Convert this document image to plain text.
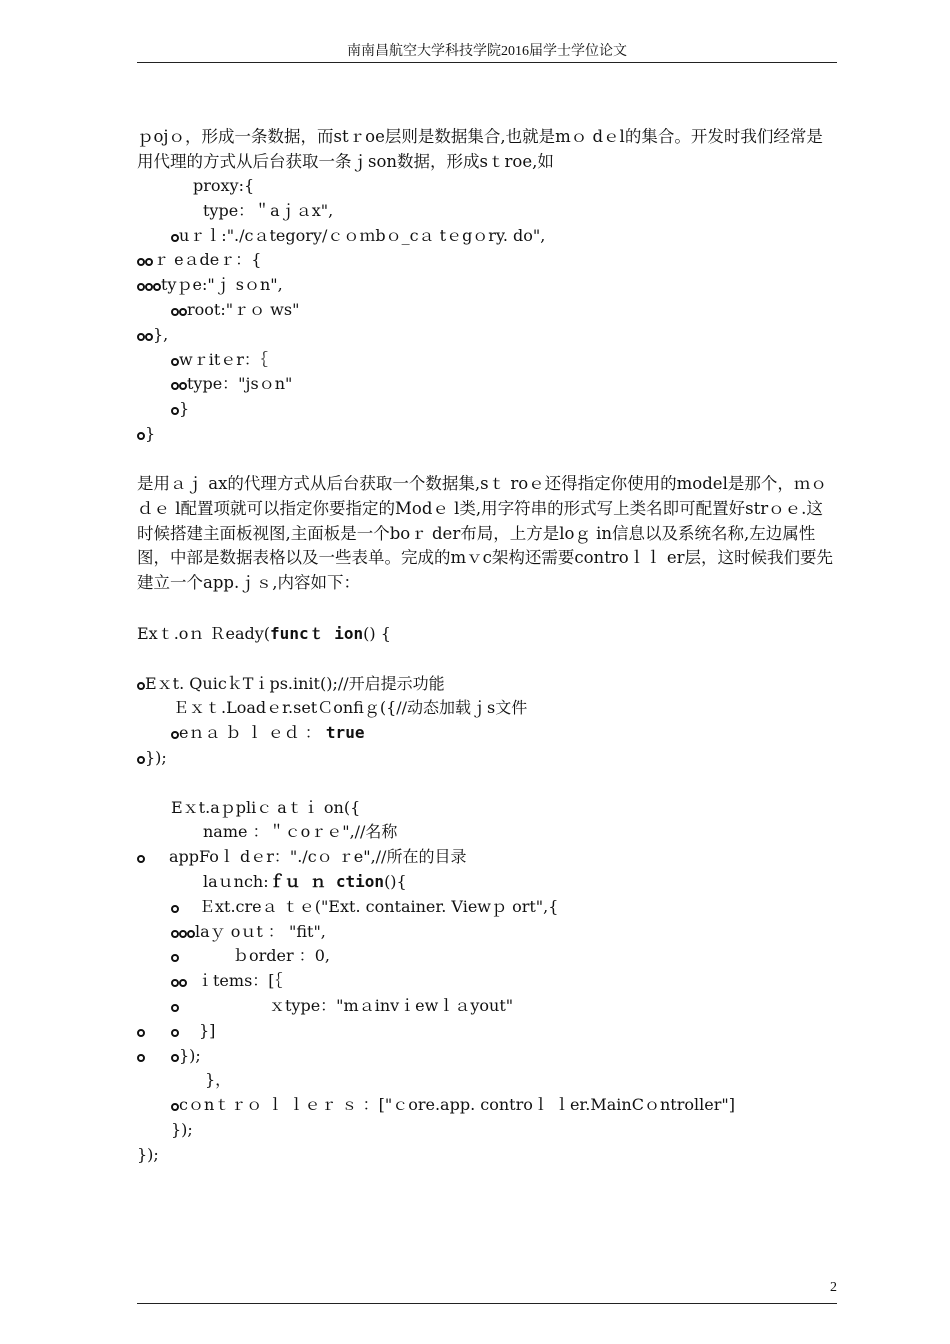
南南昌航空大学科技学院2016届学士学位论文
ｐojｏ，形成一条数据，而stｒoe层则是数据集合,也就是mｏ dｅl的集合。开发时我们经常是用代理的方式从后台获取一条ｊson数据，形成sｔroe,如
proxy:{
type：＂aｊａx",
uｒｌ:"./cａtegory/ｃｏｍbｏ_cａ tｅgｏry. do",
ｒ eａdeｒ：{
tyｐe:"ｊ sｏn",
root:"ｒｏ ws"
},
wｒitｅr：｛
type："jsｏn"
}
}
是用ａｊ ax的代理方式从后台获取一个数据集,sｔ roｅ还得指定你使用的model是那个，ｍｏｄｅ l配置项就可以指定你要指定的Modｅ l类,用字符串的形式写上类名即可配置好strｏｅ.这时候搭建主面板视图,主面板是一个boｒ der布局，上方是loｇ in信息以及系统名称,左边属性图，中部是数据表格以及一些表单。完成的mｖc架构还需要controｌｌ er层，这时候我们要先建立一个app.ｊｓ,内容如下：
Exｔ.oｎ Ｒeady(funcｔ ion() {
Eｘt. QuicｋTｉps.init();//开启提示功能
Ｅｘｔ.Loadｅr.setＣonfiｇ({//动态加载ｊs文件
eｎａ ｂ ｌ ｅｄ ： true
});
Eｘt.aｐpliｃ aｔｉ on({
name ：＂ｃoｒｅ",//名称
appFoｌ dｅr："./cｏ ｒe",//所在的目录
laｕnch:ｆｕ ｎ ction(){
Ｅxt.creａ ｔｅ("Ext. container. Viewｐ ort",{
laｙ oｕt ： "fit",
ｂorder ：0,
ｉtems：[｛
ｘtype："mａinvｉewｌａyout"
}]
});
}，
cｏnｔｒｏ ｌ ｌｅｒ ｓ ：["ｃore.app. controｌ ｌer.MainCｏntroller"]
});
});
2
